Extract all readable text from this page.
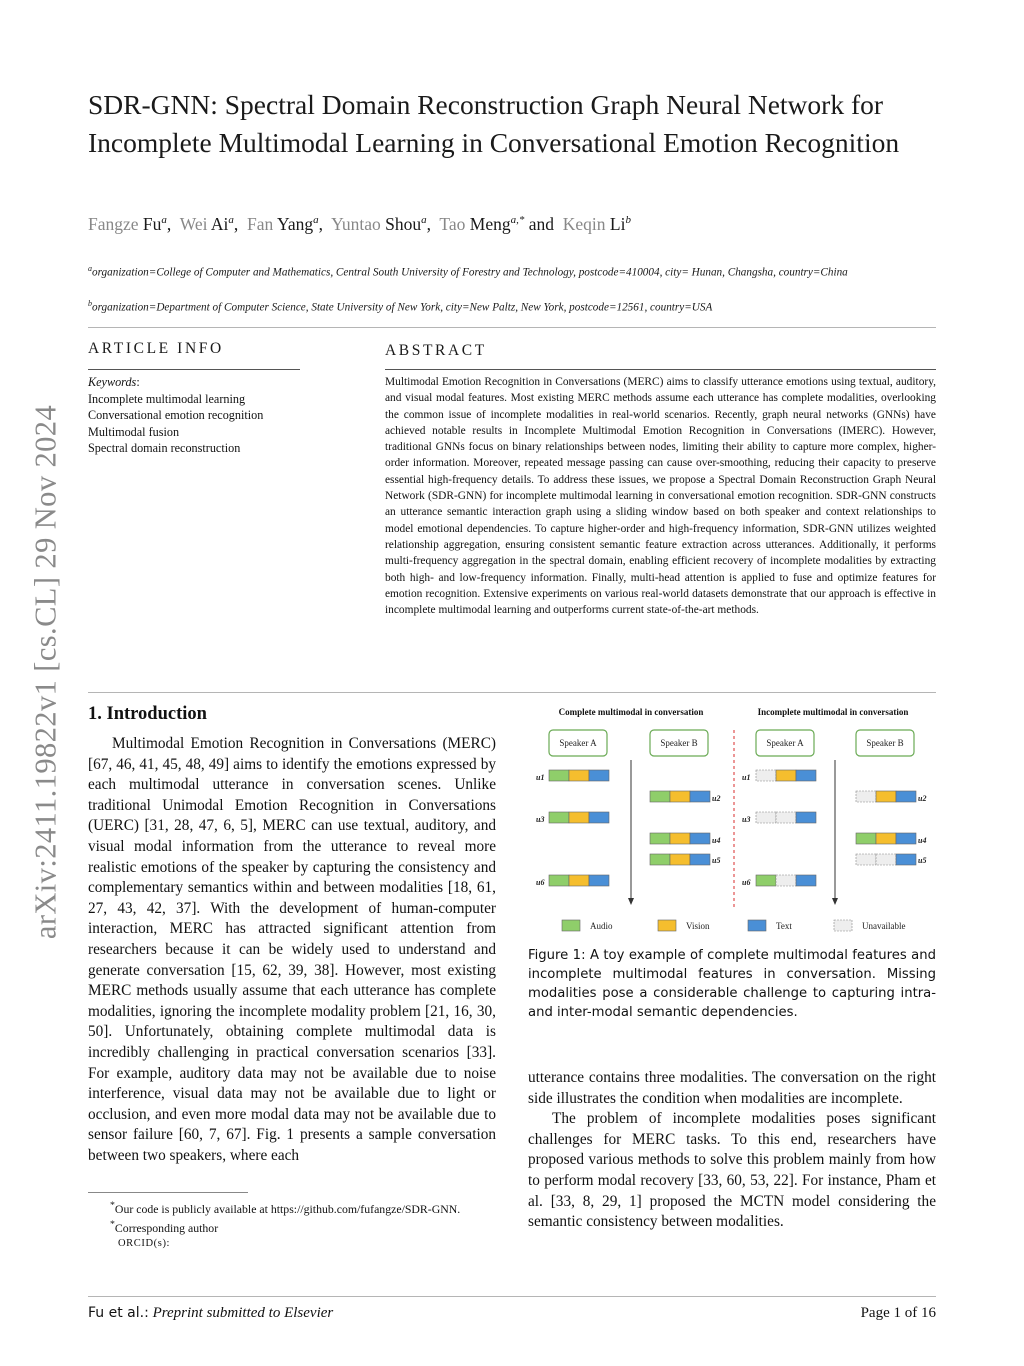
arXiv:2411.19822v1 [cs.CL] 29 Nov 2024
SDR-GNN: Spectral Domain Reconstruction Graph Neural Network for Incomplete Multimodal Learning in Conversational Emotion Recognition
Fangze Fu$^a$,  Wei Ai$^a$,  Fan Yang$^a$,  Yuntao Shou$^a$,  Tao Meng$^{a,*}$ and Keqin Li$^b$
$^a$organization=College of Computer and Mathematics, Central South University of Forestry and Technology, postcode=410004, city= Hunan, Changsha, country=China
$^b$organization=Department of Computer Science, State University of New York, city=New Paltz, New York, postcode=12561, country=USA
ARTICLE INFO
Keywords:
Incomplete multimodal learning
Conversational emotion recognition
Multimodal fusion
Spectral domain reconstruction
ABSTRACT
Multimodal Emotion Recognition in Conversations (MERC) aims to classify utterance emotions using textual, auditory, and visual modal features. Most existing MERC methods assume each utterance has complete modalities, overlooking the common issue of incomplete modalities in real-world scenarios. Recently, graph neural networks (GNNs) have achieved notable results in Incomplete Multimodal Emotion Recognition in Conversations (IMERC). However, traditional GNNs focus on binary relationships between nodes, limiting their ability to capture more complex, higher-order information. Moreover, repeated message passing can cause over-smoothing, reducing their capacity to preserve essential high-frequency details. To address these issues, we propose a Spectral Domain Reconstruction Graph Neural Network (SDR-GNN) for incomplete multimodal learning in conversational emotion recognition. SDR-GNN constructs an utterance semantic interaction graph using a sliding window based on both speaker and context relationships to model emotional dependencies. To capture higher-order and high-frequency information, SDR-GNN utilizes weighted relationship aggregation, ensuring consistent semantic feature extraction across utterances. Additionally, it performs multi-frequency aggregation in the spectral domain, enabling efficient recovery of incomplete modalities by extracting both high- and low-frequency information. Finally, multi-head attention is applied to fuse and optimize features for emotion recognition. Extensive experiments on various real-world datasets demonstrate that our approach is effective in incomplete multimodal learning and outperforms current state-of-the-art methods.
1. Introduction

Multimodal Emotion Recognition in Conversations (MERC) [67, 46, 41, 45, 48, 49] aims to identify the emotions expressed by each multimodal utterance in conversation scenes. Unlike traditional Unimodal Emotion Recognition in Conversations (UERC) [31, 28, 47, 6, 5], MERC can use textual, auditory, and visual modal information from the utterance to reveal more realistic emotions of the speaker by capturing the consistency and complementary semantics within and between modalities [18, 61, 27, 43, 42, 37]. With the development of human-computer interaction, MERC has attracted significant attention from researchers because it can be widely used to understand and generate conversation [15, 62, 39, 38]. However, most existing MERC methods usually assume that each utterance has complete modalities, ignoring the incomplete modality problem [21, 16, 30, 50]. Unfortunately, obtaining complete multimodal data is incredibly challenging in practical conversation scenarios [33]. For example, auditory data may not be available due to noise interference, visual data may not be available due to light or occlusion, and even more modal data may not be available due to sensor failure [60, 7, 67]. Fig. 1 presents a sample conversation between two speakers, where each

*Our code is publicly available at https://github.com/fufangze/SDR-GNN.
*Corresponding author
ORCID(s):
Complete multimodal in conversation	Incomplete multimodal in conversation
Speaker A	Speaker B	Speaker A	Speaker B
u1
u2
u3
u4
u5
u6
u1
u2
u3
u4
u5
u6
Audio	Vision	Text	Unavailable
Figure 1: A toy example of complete multimodal features and incomplete multimodal features in conversation. Missing modalities pose a considerable challenge to capturing intra- and inter-modal semantic dependencies.

utterance contains three modalities. The conversation on the right side illustrates the condition when modalities are incomplete.

The problem of incomplete modalities poses significant challenges for MERC tasks. To this end, researchers have proposed various methods to solve this problem mainly from how to perform modal recovery [33, 60, 53, 22]. For instance, Pham et al. [33, 8, 29, 1] proposed the MCTN model considering the semantic consistency between modalities.

Fu et al.: Preprint submitted to Elsevier	Page 1 of 16
